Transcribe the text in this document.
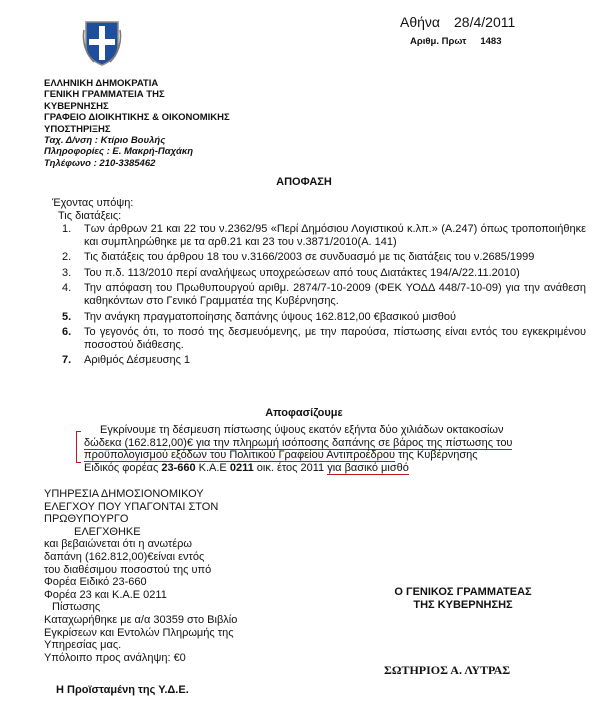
Αθήνα 28/4/2011
Αριθμ. Πρωτ 1483
ΕΛΛΗΝΙΚΗ ΔΗΜΟΚΡΑΤΙΑ
ΓΕΝΙΚΗ ΓΡΑΜΜΑΤΕΙΑ ΤΗΣ
ΚΥΒΕΡΝΗΣΗΣ
ΓΡΑΦΕΙΟ ΔΙΟΙΚΗΤΙΚΗΣ & ΟΙΚΟΝΟΜΙΚΗΣ
ΥΠΟΣΤΗΡΙΞΗΣ
Ταχ. Δ/νση : Κτίριο Βουλής
Πληροφορίες : Ε. Μακρή-Παχάκη
Τηλέφωνο : 210-3385462
ΑΠΟΦΑΣΗ
Έχοντας υπόψη:
Τις διατάξεις:
1. Των άρθρων 21 και 22 του ν.2362/95 «Περί Δημόσιου Λογιστικού κ.λπ.» (Α.247) όπως τροποποιήθηκε και συμπληρώθηκε με τα αρθ.21 και 23 του ν.3871/2010(Α. 141)
2. Τις διατάξεις του άρθρου 18 του ν.3166/2003 σε συνδυασμό με τις διατάξεις του ν.2685/1999
3. Του π.δ. 113/2010 περί αναλήψεως υποχρεώσεων από τους Διατάκτες 194/Α/22.11.2010)
4. Την απόφαση του Πρωθυπουργού αριθμ. 2874/7-10-2009 (ΦΕΚ ΥΟΔΔ 448/7-10-09) για την ανάθεση καθηκόντων στο Γενικό Γραμματέα της Κυβέρνησης.
5. Την ανάγκη πραγματοποίησης δαπάνης ύψους 162.812,00 €βασικού μισθού
6. Το γεγονός ότι, το ποσό της δεσμευόμενης, με την παρούσα, πίστωσης είναι εντός του εγκεκριμένου ποσοστού διάθεσης.
7. Αριθμός Δέσμευσης 1
Αποφασίζουμε
Εγκρίνουμε τη δέσμευση πίστωσης ύψους εκατόν εξήντα δύο χιλιάδων οκτακοσίων
δώδεκα (162.812,00)€ για την πληρωμή ισόποσης δαπάνης σε βάρος της πίστωσης του
προϋπολογισμού εξόδων του Πολιτικού Γραφείου Αντιπροέδρου της Κυβέρνησης
Ειδικός φορέας 23-660 Κ.Α.Ε 0211 οικ. έτος 2011 για βασικό μισθό
ΥΠΗΡΕΣΙΑ ΔΗΜΟΣΙΟΝΟΜΙΚΟΥ
ΕΛΕΓΧΟΥ ΠΟΥ ΥΠΑΓΟΝΤΑΙ ΣΤΟΝ
ΠΡΩΘΥΠΟΥΡΓΟ
ΕΛΕΓΧΘΗΚΕ
και βεβαιώνεται ότι η ανωτέρω
δαπάνη (162.812,00)€είναι εντός
του διαθέσιμου ποσοστού της υπό
Φορέα Ειδικό 23-660
Φορέα 23 και Κ.Α.Ε 0211
Πίστωσης
Καταχωρήθηκε με α/α 30359 στο Βιβλίο
Εγκρίσεων και Εντολών Πληρωμής της
Υπηρεσίας μας.
Υπόλοιπο προς ανάληψη: €0
Ο ΓΕΝΙΚΟΣ ΓΡΑΜΜΑΤΕΑΣ
ΤΗΣ ΚΥΒΕΡΝΗΣΗΣ
ΣΩΤΗΡΙΟΣ Α. ΛΥΤΡΑΣ
Η Προϊσταμένη της Υ.Δ.Ε.
